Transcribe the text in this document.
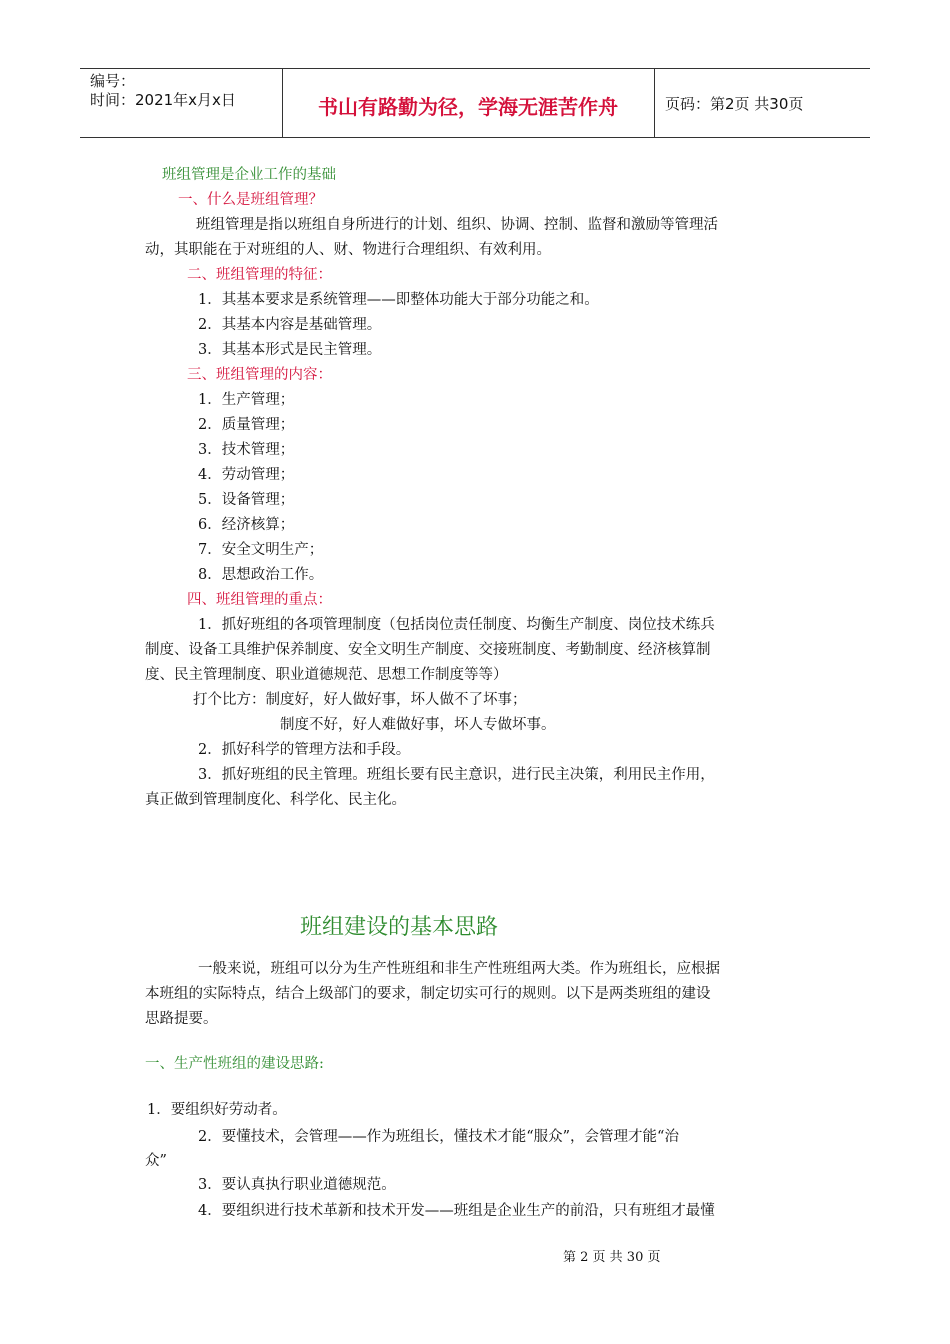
编号：
时间：2021年x月x日	书山有路勤为径，学海无涯苦作舟	页码：第2页 共30页
班组管理是企业工作的基础
一、什么是班组管理？
班组管理是指以班组自身所进行的计划、组织、协调、控制、监督和激励等管理活
动，其职能在于对班组的人、财、物进行合理组织、有效利用。
二、班组管理的特征：
1．其基本要求是系统管理——即整体功能大于部分功能之和。
2．其基本内容是基础管理。
3．其基本形式是民主管理。
三、班组管理的内容：
1．生产管理；
2．质量管理；
3．技术管理；
4．劳动管理；
5．设备管理；
6．经济核算；
7．安全文明生产；
8．思想政治工作。
四、班组管理的重点：
1．抓好班组的各项管理制度（包括岗位责任制度、均衡生产制度、岗位技术练兵
制度、设备工具维护保养制度、安全文明生产制度、交接班制度、考勤制度、经济核算制
度、民主管理制度、职业道德规范、思想工作制度等等）
打个比方：制度好，好人做好事，坏人做不了坏事；
制度不好，好人难做好事，坏人专做坏事。
2．抓好科学的管理方法和手段。
3．抓好班组的民主管理。班组长要有民主意识，进行民主决策，利用民主作用，
真正做到管理制度化、科学化、民主化。
班组建设的基本思路
一般来说，班组可以分为生产性班组和非生产性班组两大类。作为班组长，应根据
本班组的实际特点，结合上级部门的要求，制定切实可行的规则。以下是两类班组的建设
思路提要。
一、生产性班组的建设思路:
1．要组织好劳动者。
2．要懂技术，会管理——作为班组长，懂技术才能“服众”，会管理才能“治
众”
3．要认真执行职业道德规范。
4．要组织进行技术革新和技术开发——班组是企业生产的前沿，只有班组才最懂
第 2 页 共 30 页
